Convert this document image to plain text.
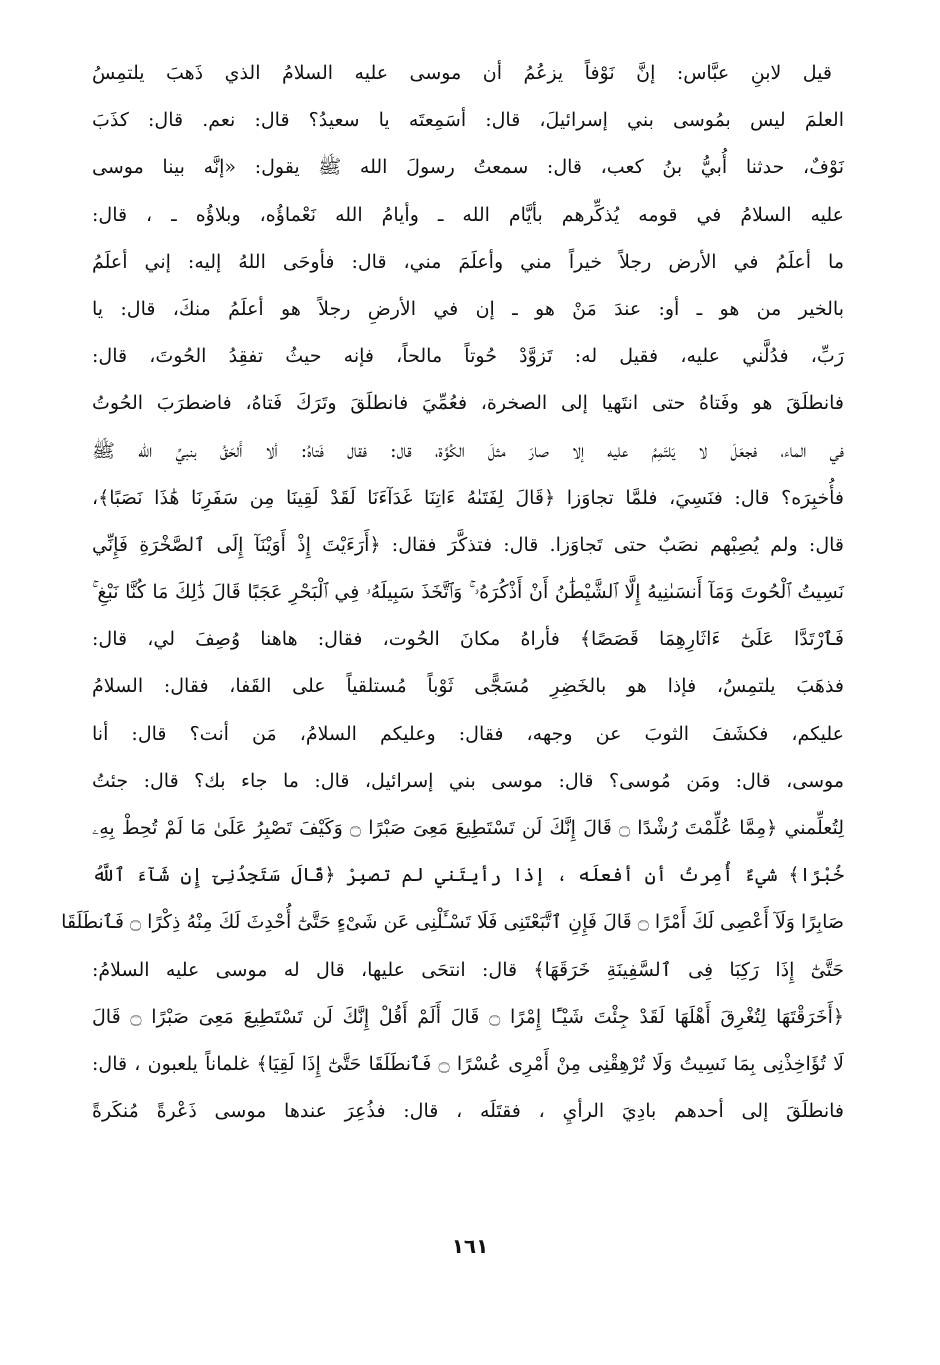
قيل لابنِ عبَّاس: إنَّ نَوْفاً يزعُمُ أن موسى عليه السلامُ الذي ذَهبَ يلتمِسُ
العلمَ ليس بمُوسى بني إسرائيلَ، قال: أسَمِعتَه يا سعيدُ؟ قال: نعم. قال: كذَبَ
نَوْفٌ، حدثنا أُبيُّ بنُ كعب، قال: سمعتُ رسولَ الله ﷺ يقول: «إنَّه بينا موسى
عليه السلامُ في قومه يُذكِّرهم بأيَّام الله ـ وأيامُ الله نَعْماؤُه، وبلاؤُه ـ ، قال:
ما أعلَمُ في الأرض رجلاً خيراً مني وأعلَمَ مني، قال: فأوحَى اللهُ إليه: إني أعلَمُ
بالخير من هو ـ أو: عندَ مَنْ هو ـ إن في الأرضِ رجلاً هو أعلَمُ منكَ، قال: يا
رَبِّ، فدُلَّني عليه، فقيل له: تَزوَّدْ حُوتاً مالحاً، فإنه حيثُ تفقِدُ الحُوتَ، قال:
فانطلَقَ هو وفَتاهُ حتى انتَهيا إلى الصخرة، فعُمِّيَ فانطلَقَ وتَرَكَ فَتاهُ، فاضطرَبَ الحُوتُ
في الماء، فجعَلَ لا يَلتَمِمُ عليه إلا صارَ مثلَ الكُوَّة، قال: فقال فَتاهُ: ألا أَلحَقُ بنبيِّ الله ﷺ
فأُخبِرَه؟ قال: فنَسِيَ، فلمَّا تجاوَزا ﴿قَالَ لِفَتَىٰهُ ءَاتِنَا غَدَآءَنَا لَقَدْ لَقِينَا مِن سَفَرِنَا هَٰذَا نَصَبًا﴾،
قال: ولم يُصِبْهم نصَبٌ حتى تَجاوَزا. قال: فتذكَّرَ فقال: ﴿أَرَءَيْتَ إِذْ أَوَيْنَآ إِلَى ٱلصَّخْرَةِ فَإِنِّي
نَسِيتُ ٱلْحُوتَ وَمَآ أَنسَىٰنِيهُ إِلَّا ٱلشَّيْطَٰنُ أَنْ أَذْكُرَهُۥ ۚ وَٱتَّخَذَ سَبِيلَهُۥ فِي ٱلْبَحْرِ عَجَبًا قَالَ ذَٰلِكَ مَا كُنَّا نَبْغِ ۚ
فَٱرْتَدَّا عَلَىٰٓ ءَاثَارِهِمَا قَصَصًا﴾ فأراهُ مكانَ الحُوت، فقال: هاهنا وُصِفَ لي، قال:
فذهَبَ يلتمِسُ، فإذا هو بالخَضِرِ مُسَجًّى ثَوْباً مُستلقياً على القَفا، فقال: السلامُ
عليكم، فكشَفَ الثوبَ عن وجهه، فقال: وعليكم السلامُ، مَن أنت؟ قال: أنا
موسى، قال: ومَن مُوسى؟ قال: موسى بني إسرائيل، قال: ما جاء بك؟ قال: جئتُ
لِتُعلِّمني ﴿مِمَّا عُلِّمْتَ رُشْدًا ۝ قَالَ إِنَّكَ لَن تَسْتَطِيعَ مَعِىَ صَبْرًا ۝ وَكَيْفَ تَصْبِرُ عَلَىٰ مَا لَمْ تُحِطْ بِهِۦ
خُبْرًا﴾ شيءٌ أُمِرتُ أن أفعلَه ، إذا رأيتَني لم تصبِرْ ﴿قَالَ سَتَجِدُنِىٓ إِن شَآءَ ٱللَّهُ
صَابِرًا وَلَآ أَعْصِى لَكَ أَمْرًا ۝ قَالَ فَإِنِ ٱتَّبَعْتَنِى فَلَا تَسْـَٔلْنِى عَن شَىْءٍ حَتَّىٰٓ أُحْدِثَ لَكَ مِنْهُ ذِكْرًا ۝ فَٱنطَلَقَا
حَتَّىٰٓ إِذَا رَكِبَا فِى ٱلسَّفِينَةِ خَرَقَهَا﴾ قال: انتحَى عليها، قال له موسى عليه السلامُ:
﴿أَخَرَقْتَهَا لِتُغْرِقَ أَهْلَهَا لَقَدْ جِئْتَ شَيْـًٔا إِمْرًا ۝ قَالَ أَلَمْ أَقُلْ إِنَّكَ لَن تَسْتَطِيعَ مَعِىَ صَبْرًا ۝ قَالَ
لَا تُؤَاخِذْنِى بِمَا نَسِيتُ وَلَا تُرْهِقْنِى مِنْ أَمْرِى عُسْرًا ۝ فَٱنطَلَقَا حَتَّىٰٓ إِذَا لَقِيَا﴾ غلماناً يلعبون ، قال:
فانطلَقَ إلى أحدهم بادِيَ الرأيِ ، فقتَلَه ، قال: فذُعِرَ عندها موسى ذَعْرةً مُنكَرةً
١٦١
